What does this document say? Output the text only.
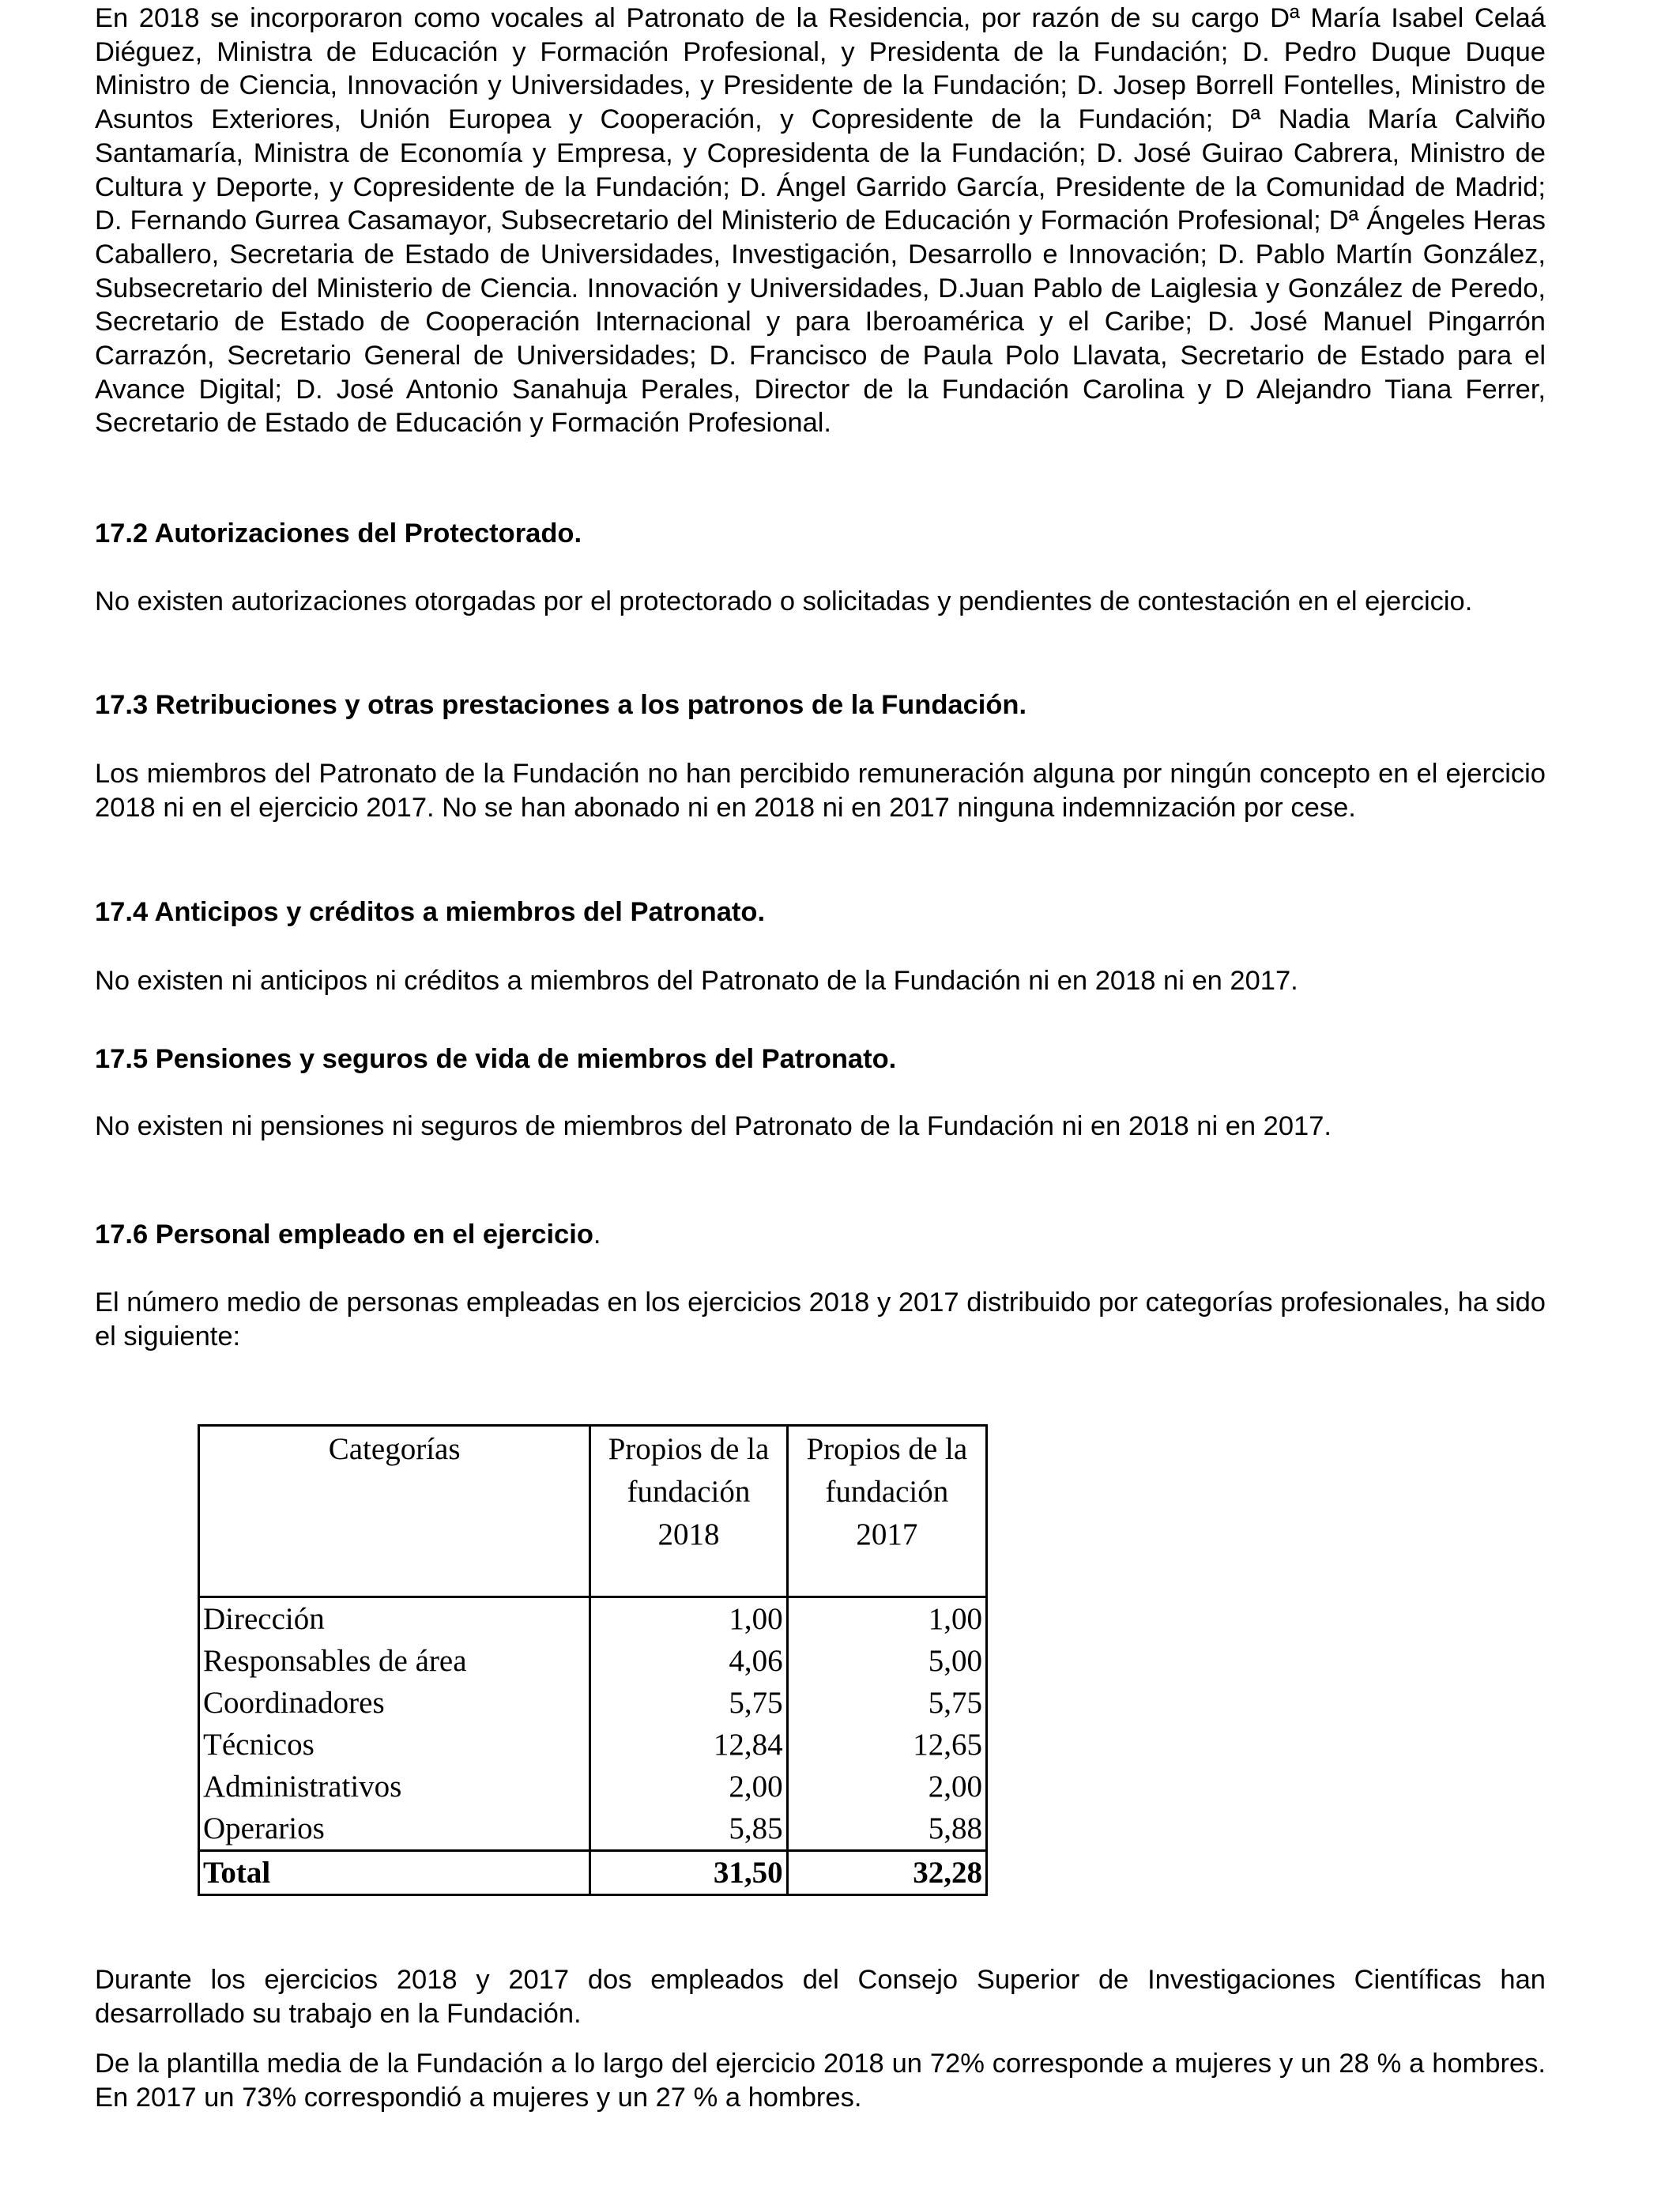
En 2018 se incorporaron como vocales al Patronato de la Residencia, por razón de su cargo Dª María Isabel Celaá Diéguez, Ministra de Educación y Formación Profesional, y Presidenta de la Fundación; D. Pedro Duque Duque Ministro de Ciencia, Innovación y Universidades, y Presidente de la Fundación; D. Josep Borrell Fontelles, Ministro de Asuntos Exteriores, Unión Europea y Cooperación, y Copresidente de la Fundación; Dª Nadia María Calviño Santamaría, Ministra de Economía y Empresa, y Copresidenta de la Fundación; D. José Guirao Cabrera, Ministro de Cultura y Deporte, y Copresidente de la Fundación; D. Ángel Garrido García, Presidente de la Comunidad de Madrid; D. Fernando Gurrea Casamayor, Subsecretario del Ministerio de Educación y Formación Profesional; Dª Ángeles Heras Caballero, Secretaria de Estado de Universidades, Investigación, Desarrollo e Innovación; D. Pablo Martín González, Subsecretario del Ministerio de Ciencia. Innovación y Universidades, D.Juan Pablo de Laiglesia y González de Peredo, Secretario de Estado de Cooperación Internacional y para Iberoamérica y el Caribe; D. José Manuel Pingarrón Carrazón, Secretario General de Universidades; D. Francisco de Paula Polo Llavata, Secretario de Estado para el Avance Digital; D. José Antonio Sanahuja Perales, Director de la Fundación Carolina y D Alejandro Tiana Ferrer, Secretario de Estado de Educación y Formación Profesional.

17.2 Autorizaciones del Protectorado.

No existen autorizaciones otorgadas por el protectorado o solicitadas y pendientes de contestación en el ejercicio.

17.3 Retribuciones y otras prestaciones a los patronos de la Fundación.

Los miembros del Patronato de la Fundación no han percibido remuneración alguna por ningún concepto en el ejercicio 2018 ni en el ejercicio 2017. No se han abonado ni en 2018 ni en 2017 ninguna indemnización por cese.

17.4 Anticipos y créditos a miembros del Patronato.

No existen ni anticipos ni créditos a miembros del Patronato de la Fundación ni en 2018 ni en 2017.

17.5 Pensiones y seguros de vida de miembros del Patronato.

No existen ni pensiones ni seguros de miembros del Patronato de la Fundación ni en 2018 ni en 2017.

17.6 Personal empleado en el ejercicio.

El número medio de personas empleadas en los ejercicios 2018 y 2017 distribuido por categorías profesionales, ha sido el siguiente:

Categorías	Propios de la fundación 2018	Propios de la fundación 2017
Dirección	1,00	1,00
Responsables de área	4,06	5,00
Coordinadores	5,75	5,75
Técnicos	12,84	12,65
Administrativos	2,00	2,00
Operarios	5,85	5,88
Total	31,50	32,28

Durante los ejercicios 2018 y 2017 dos empleados del Consejo Superior de Investigaciones Científicas han desarrollado su trabajo en la Fundación.

De la plantilla media de la Fundación a lo largo del ejercicio 2018 un 72% corresponde a mujeres y un 28 % a hombres. En 2017 un 73% correspondió a mujeres y un 27 % a hombres.
